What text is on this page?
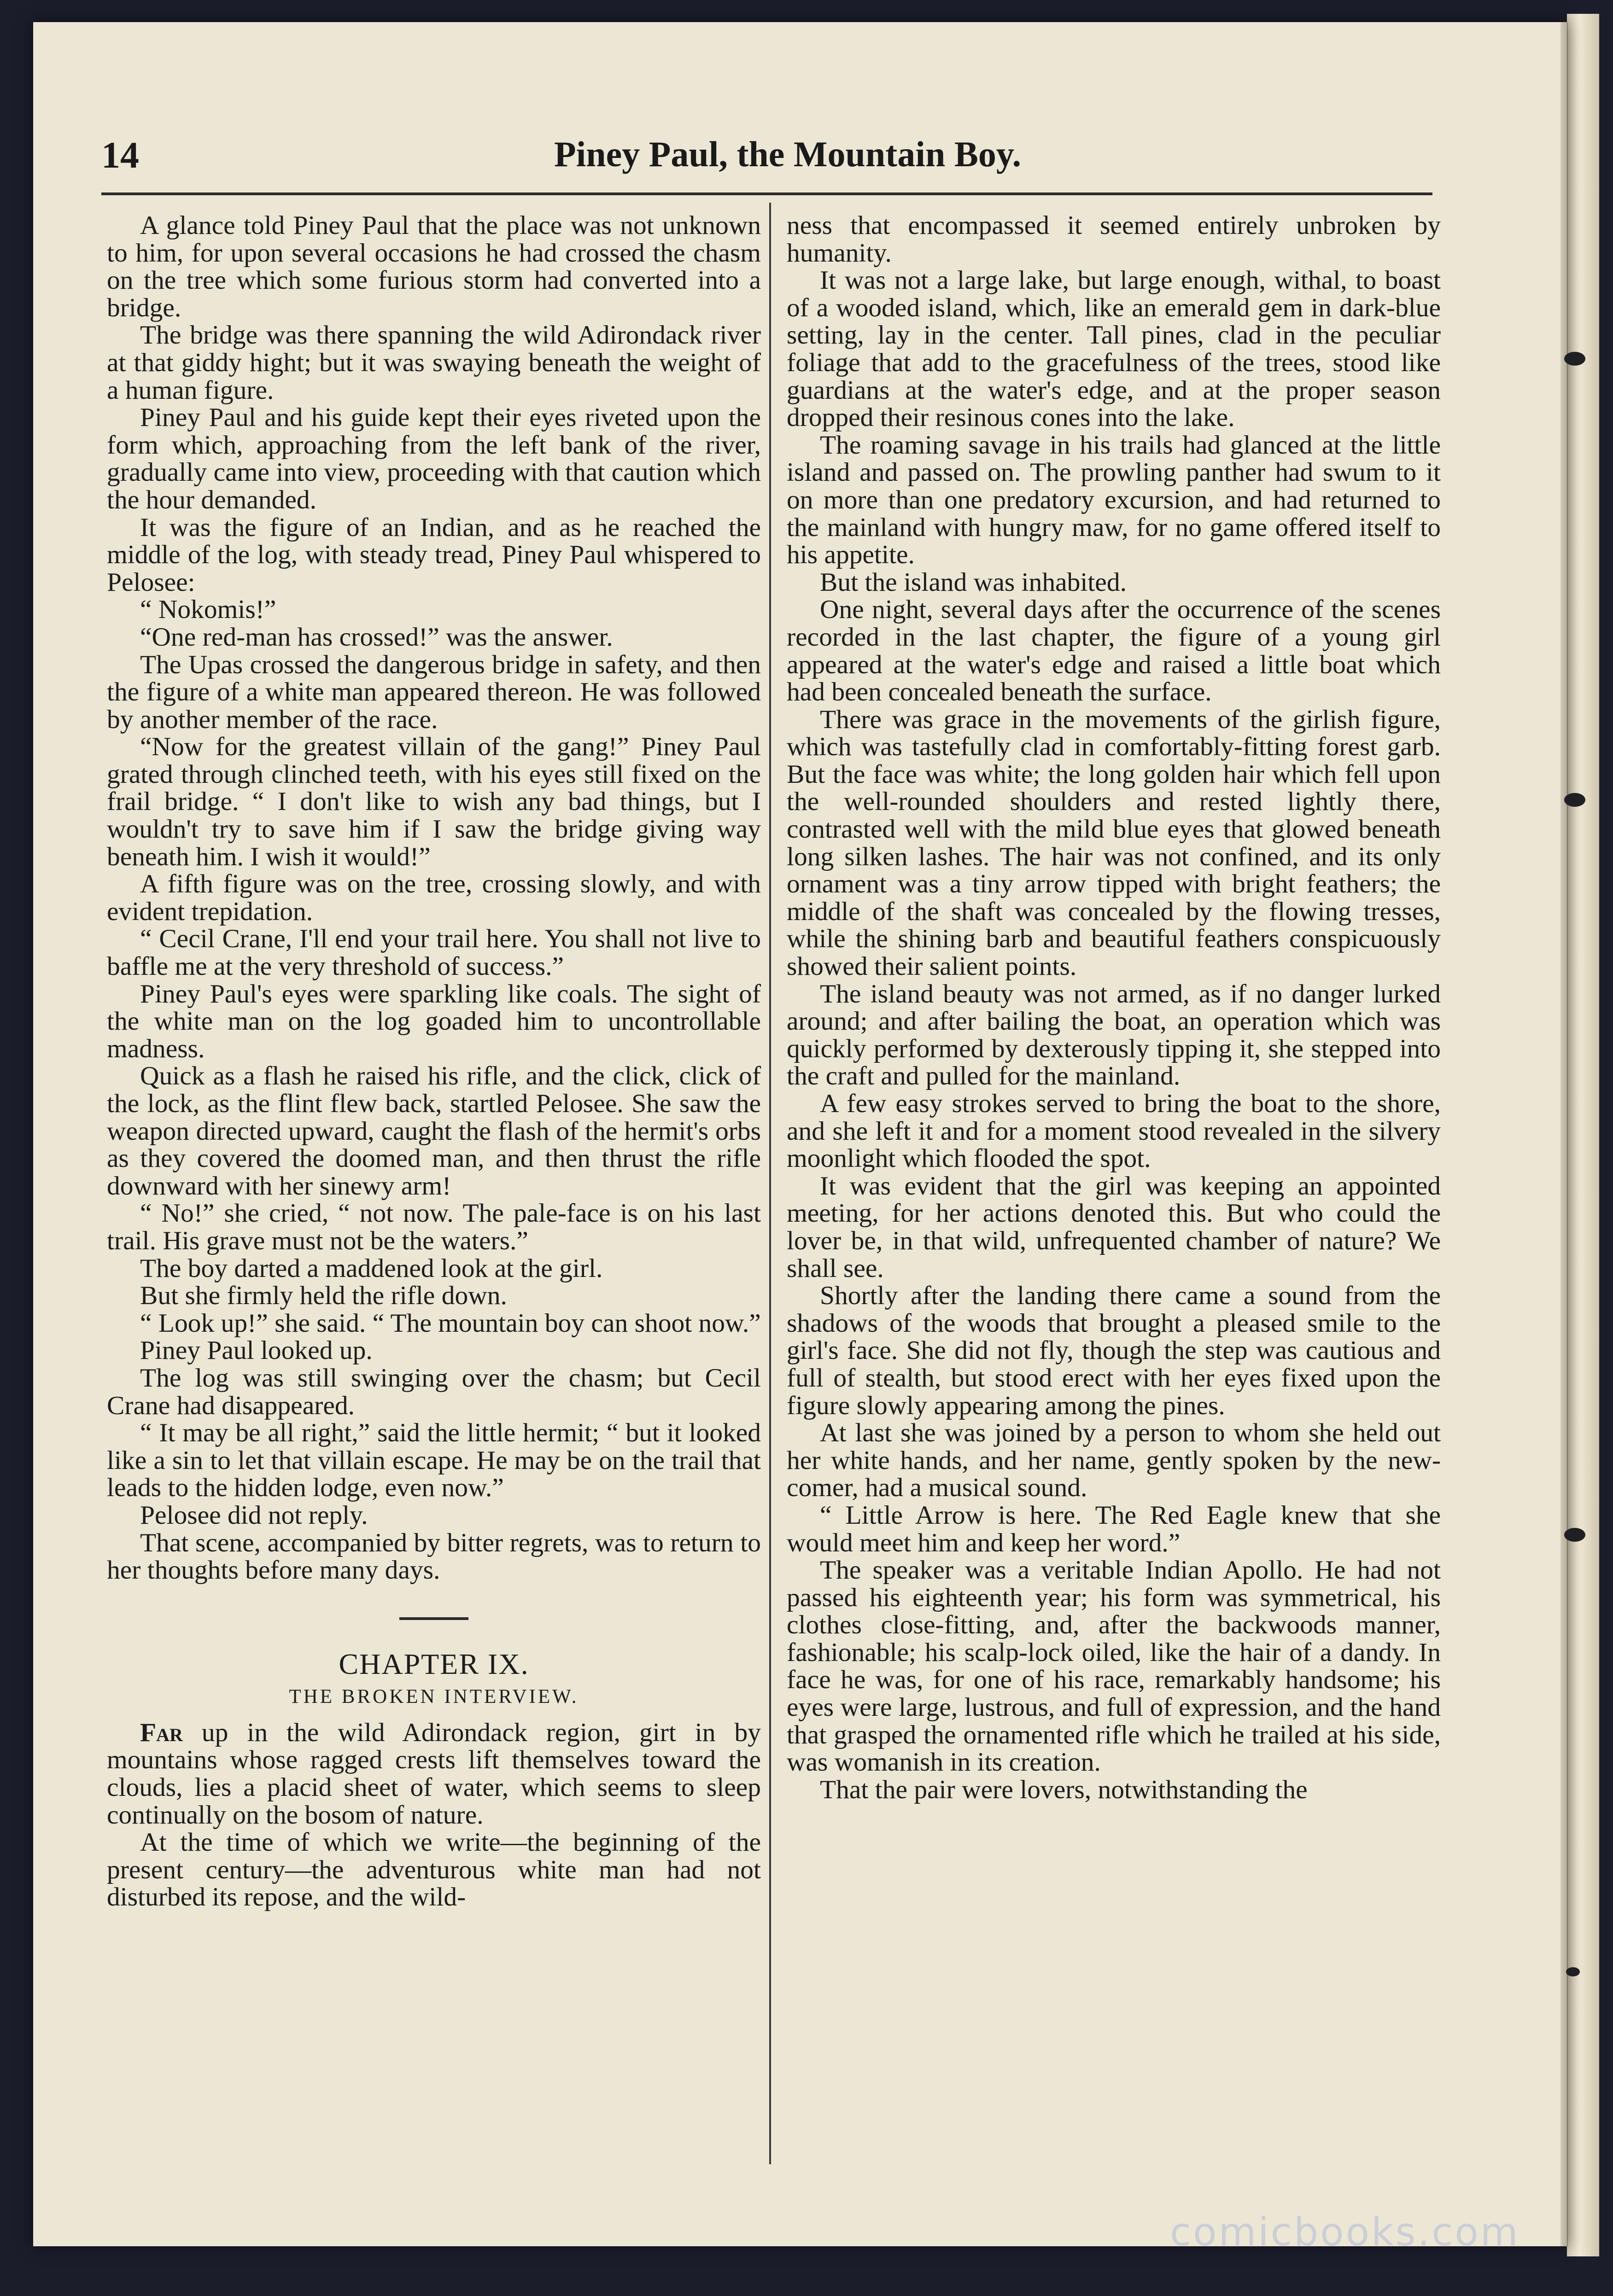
14	Piney Paul, the Mountain Boy.

A glance told Piney Paul that the place was not unknown to him, for upon several occasions he had crossed the chasm on the tree which some furious storm had converted into a bridge.

The bridge was there spanning the wild Adirondack river at that giddy hight; but it was swaying beneath the weight of a human figure.

Piney Paul and his guide kept their eyes riveted upon the form which, approaching from the left bank of the river, gradually came into view, proceeding with that caution which the hour demanded.

It was the figure of an Indian, and as he reached the middle of the log, with steady tread, Piney Paul whispered to Pelosee:

“ Nokomis!”

“One red-man has crossed!” was the answer.

The Upas crossed the dangerous bridge in safety, and then the figure of a white man appeared thereon. He was followed by another member of the race.

“Now for the greatest villain of the gang!” Piney Paul grated through clinched teeth, with his eyes still fixed on the frail bridge. “ I don't like to wish any bad things, but I wouldn't try to save him if I saw the bridge giving way beneath him. I wish it would!”

A fifth figure was on the tree, crossing slowly, and with evident trepidation.

“ Cecil Crane, I'll end your trail here. You shall not live to baffle me at the very threshold of success.”

Piney Paul's eyes were sparkling like coals. The sight of the white man on the log goaded him to uncontrollable madness.

Quick as a flash he raised his rifle, and the click, click of the lock, as the flint flew back, startled Pelosee. She saw the weapon directed upward, caught the flash of the hermit's orbs as they covered the doomed man, and then thrust the rifle downward with her sinewy arm!

“ No!” she cried, “ not now. The pale-face is on his last trail. His grave must not be the waters.”

The boy darted a maddened look at the girl.

But she firmly held the rifle down.

“ Look up!” she said. “ The mountain boy can shoot now.”

Piney Paul looked up.

The log was still swinging over the chasm; but Cecil Crane had disappeared.

“ It may be all right,” said the little hermit; “ but it looked like a sin to let that villain escape. He may be on the trail that leads to the hidden lodge, even now.”

Pelosee did not reply.

That scene, accompanied by bitter regrets, was to return to her thoughts before many days.

CHAPTER IX.
THE BROKEN INTERVIEW.

Far up in the wild Adirondack region, girt in by mountains whose ragged crests lift themselves toward the clouds, lies a placid sheet of water, which seems to sleep continually on the bosom of nature.

At the time of which we write—the beginning of the present century—the adventurous white man had not disturbed its repose, and the wild-

ness that encompassed it seemed entirely unbroken by humanity.

It was not a large lake, but large enough, withal, to boast of a wooded island, which, like an emerald gem in dark-blue setting, lay in the center. Tall pines, clad in the peculiar foliage that add to the gracefulness of the trees, stood like guardians at the water's edge, and at the proper season dropped their resinous cones into the lake.

The roaming savage in his trails had glanced at the little island and passed on. The prowling panther had swum to it on more than one predatory excursion, and had returned to the mainland with hungry maw, for no game offered itself to his appetite.

But the island was inhabited.

One night, several days after the occurrence of the scenes recorded in the last chapter, the figure of a young girl appeared at the water's edge and raised a little boat which had been concealed beneath the surface.

There was grace in the movements of the girlish figure, which was tastefully clad in comfortably-fitting forest garb. But the face was white; the long golden hair which fell upon the well-rounded shoulders and rested lightly there, contrasted well with the mild blue eyes that glowed beneath long silken lashes. The hair was not confined, and its only ornament was a tiny arrow tipped with bright feathers; the middle of the shaft was concealed by the flowing tresses, while the shining barb and beautiful feathers conspicuously showed their salient points.

The island beauty was not armed, as if no danger lurked around; and after bailing the boat, an operation which was quickly performed by dexterously tipping it, she stepped into the craft and pulled for the mainland.

A few easy strokes served to bring the boat to the shore, and she left it and for a moment stood revealed in the silvery moonlight which flooded the spot.

It was evident that the girl was keeping an appointed meeting, for her actions denoted this. But who could the lover be, in that wild, unfrequented chamber of nature? We shall see.

Shortly after the landing there came a sound from the shadows of the woods that brought a pleased smile to the girl's face. She did not fly, though the step was cautious and full of stealth, but stood erect with her eyes fixed upon the figure slowly appearing among the pines.

At last she was joined by a person to whom she held out her white hands, and her name, gently spoken by the new-comer, had a musical sound.

“ Little Arrow is here. The Red Eagle knew that she would meet him and keep her word.”

The speaker was a veritable Indian Apollo. He had not passed his eighteenth year; his form was symmetrical, his clothes close-fitting, and, after the backwoods manner, fashionable; his scalp-lock oiled, like the hair of a dandy. In face he was, for one of his race, remarkably handsome; his eyes were large, lustrous, and full of expression, and the hand that grasped the ornamented rifle which he trailed at his side, was womanish in its creation.

That the pair were lovers, notwithstanding the

comicbooks.com
